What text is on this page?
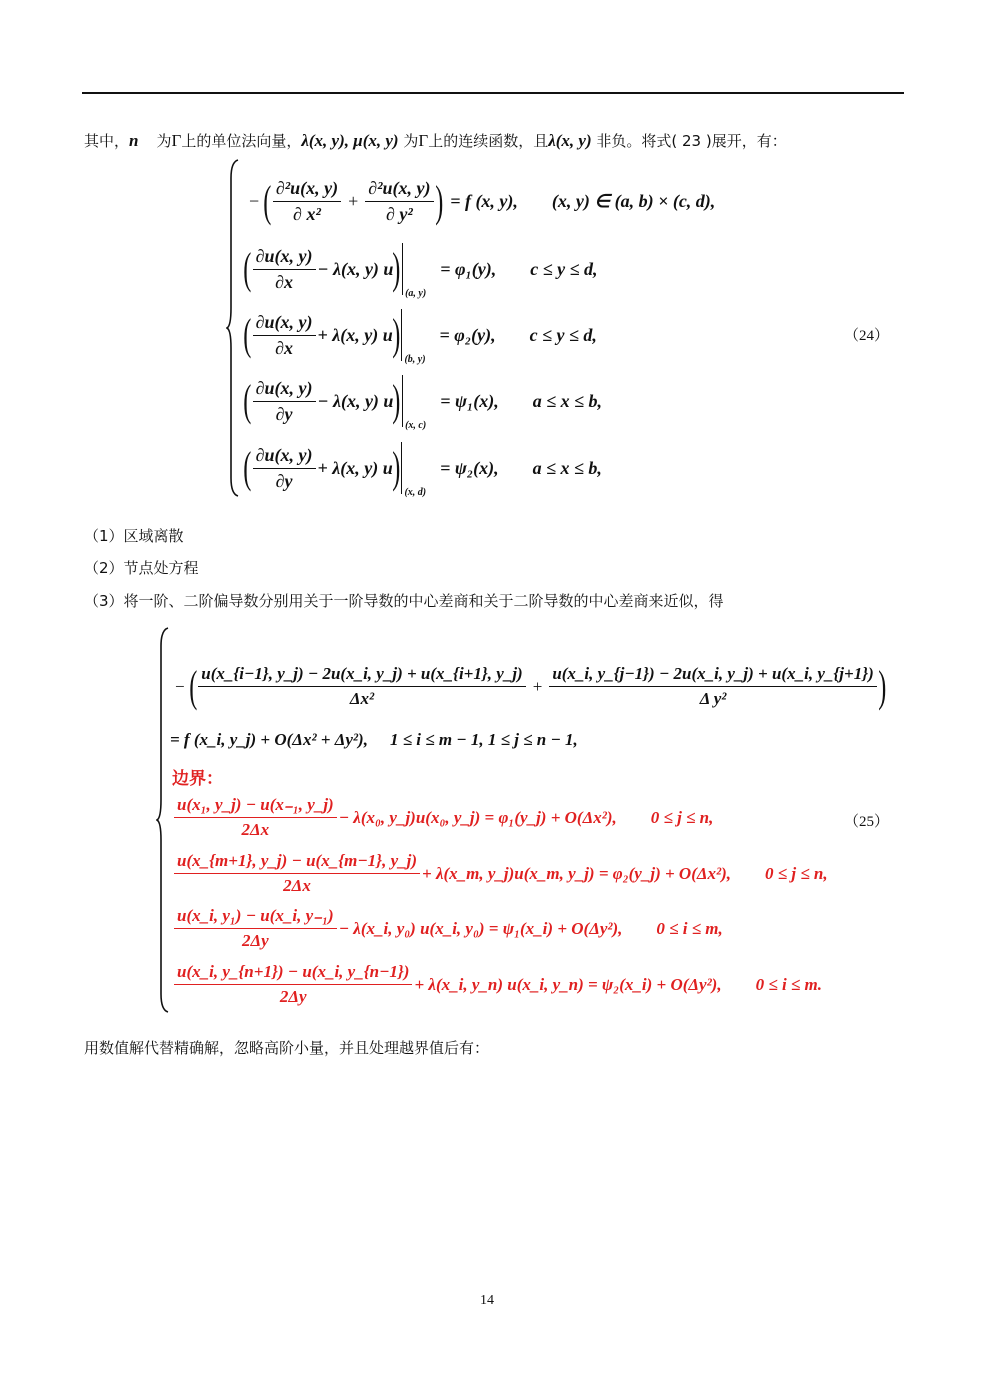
其中，n⃗ 为Γ上的单位法向量，λ(x, y), μ(x, y) 为Γ上的连续函数，且λ(x, y) 非负。将式( 23 )展开，有：
− ( $\frac{\text{∂²u(x, y)}}{\text{∂ x²}} + \frac{\text{∂²u(x, y)}}{\text{∂ y²}}$ ) = f (x, y), (x, y) ∈ (a, b) × (c, d),
( $\frac{\partial u(x, y)}{\partial x} - \lambda(x$, y) u )
(a, y)
= φ₁(y), c ≤ y ≤ d,
( $\frac{\partial u(x, y)}{\partial x} + \lambda(x$, y) u )
(b, y)
= φ₂(y), c ≤ y ≤ d,
( $\frac{\partial u(x, y)}{\partial y} - \lambda(x$, y) u )
(x, c)
= ψ₁(x), a ≤ x ≤ b,
( $\frac{\partial u(x, y)}{\partial y} + \lambda(x$, y) u )
(x, d)
= ψ₂(x), a ≤ x ≤ b,
（24）
（1）区域离散
（2）节点处方程
（3）将一阶、二阶偏导数分别用关于一阶导数的中心差商和关于二阶导数的中心差商来近似，得
− ( $\frac{u(x\_\{i-1\}, y\_j) - 2u(x\_i, y\_j) + u(x\_\{i+1\}, y\_j)}{\text{Δx²}} + \frac{u(x\_i, y\_\{j-1\}) - 2u(x\_i, y\_j) + u(x\_i, y\_\{j+1\})}{\text{Δ y²}}$ )
= f (x_i, y_j) + O(Δx² + Δy²), 1 ≤ i ≤ m − 1, 1 ≤ j ≤ n − 1,
边界：
$\frac{\text{u(x₁, y\_j) − u(x₋₁, y\_j)}}{2\Delta x} - \lambda(x_0$, y_j)u(x₀, y_j) = φ₁(y_j) + O(Δx²), 0 ≤ j ≤ n,
$\frac{u(x\_\{m+1\}, y\_j) - u(x\_\{m-1\}, y\_j)}{2\Delta x}$ + λ(x_m, y_j)u(x_m, y_j) = φ₂(y_j) + O(Δx²), 0 ≤ j ≤ n,
$\frac{\text{u(x\_i, y₁) − u(x\_i, y₋₁)}}{2\Delta y}$ − λ(x_i, y₀) u(x_i, y₀) = ψ₁(x_i) + O(Δy²), 0 ≤ i ≤ m,
$\frac{u(x\_i, y\_\{n+1\}) - u(x\_i, y\_\{n-1\})}{2\Delta y}$ + λ(x_i, y_n) u(x_i, y_n) = ψ₂(x_i) + O(Δy²), 0 ≤ i ≤ m.
（25）
用数值解代替精确解，忽略高阶小量，并且处理越界值后有：
14
